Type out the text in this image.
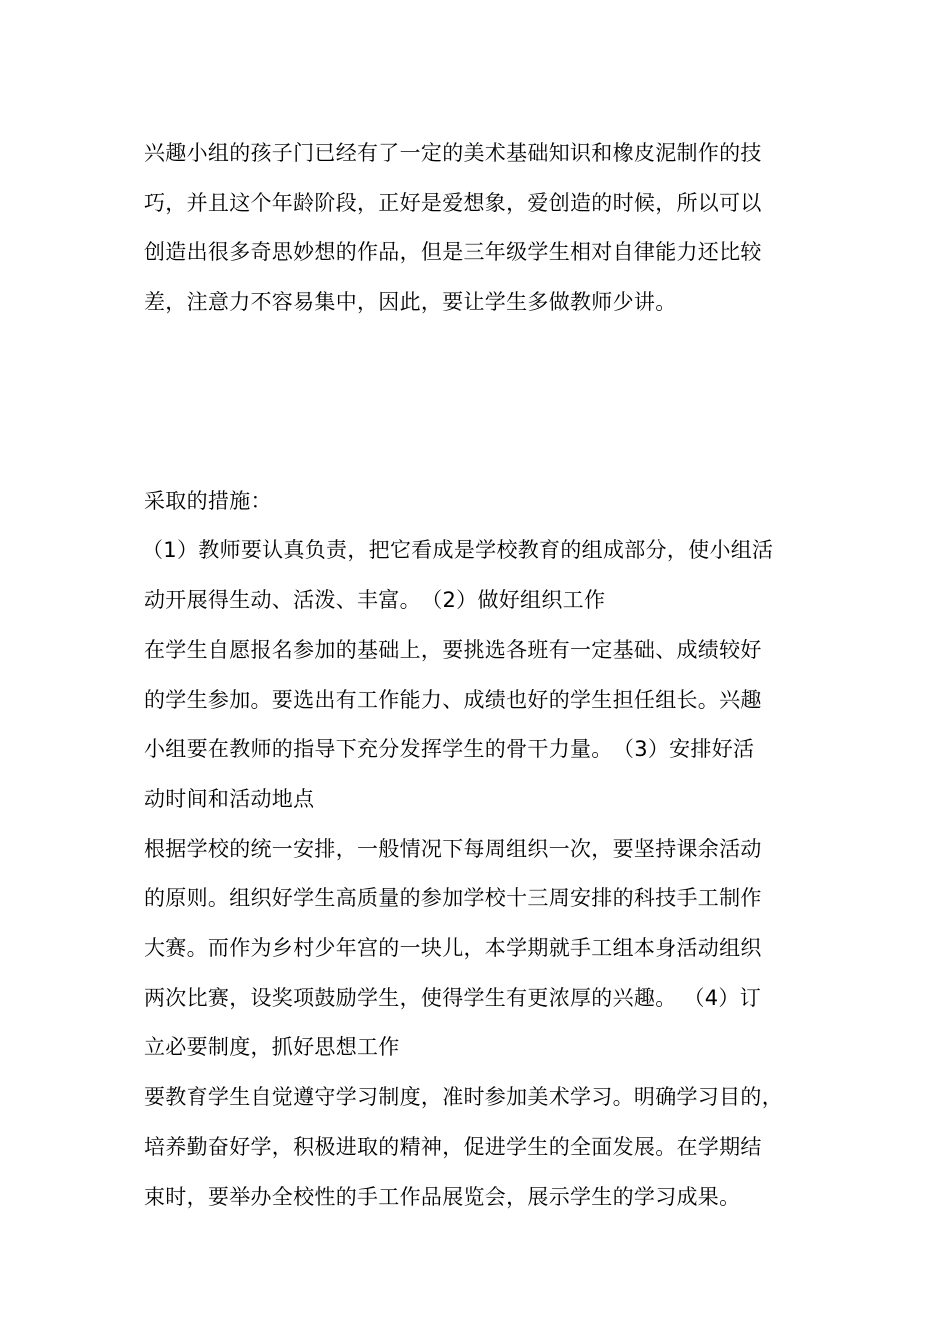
兴趣小组的孩子门已经有了一定的美术基础知识和橡皮泥制作的技
巧，并且这个年龄阶段，正好是爱想象，爱创造的时候，所以可以
创造出很多奇思妙想的作品，但是三年级学生相对自律能力还比较
差，注意力不容易集中，因此，要让学生多做教师少讲。
采取的措施：
（1）教师要认真负责，把它看成是学校教育的组成部分，使小组活
动开展得生动、活泼、丰富。　（2）做好组织工作
在学生自愿报名参加的基础上，要挑选各班有一定基础、成绩较好
的学生参加。要选出有工作能力、成绩也好的学生担任组长。兴趣
小组要在教师的指导下充分发挥学生的骨干力量。　（3）安排好活
动时间和活动地点
根据学校的统一安排，一般情况下每周组织一次，要坚持课余活动
的原则。组织好学生高质量的参加学校十三周安排的科技手工制作
大赛。而作为乡村少年宫的一块儿，本学期就手工组本身活动组织
两次比赛，设奖项鼓励学生，使得学生有更浓厚的兴趣。 （4）订
立必要制度，抓好思想工作
要教育学生自觉遵守学习制度，准时参加美术学习。明确学习目的，
培养勤奋好学，积极进取的精神，促进学生的全面发展。在学期结
束时，要举办全校性的手工作品展览会，展示学生的学习成果。
